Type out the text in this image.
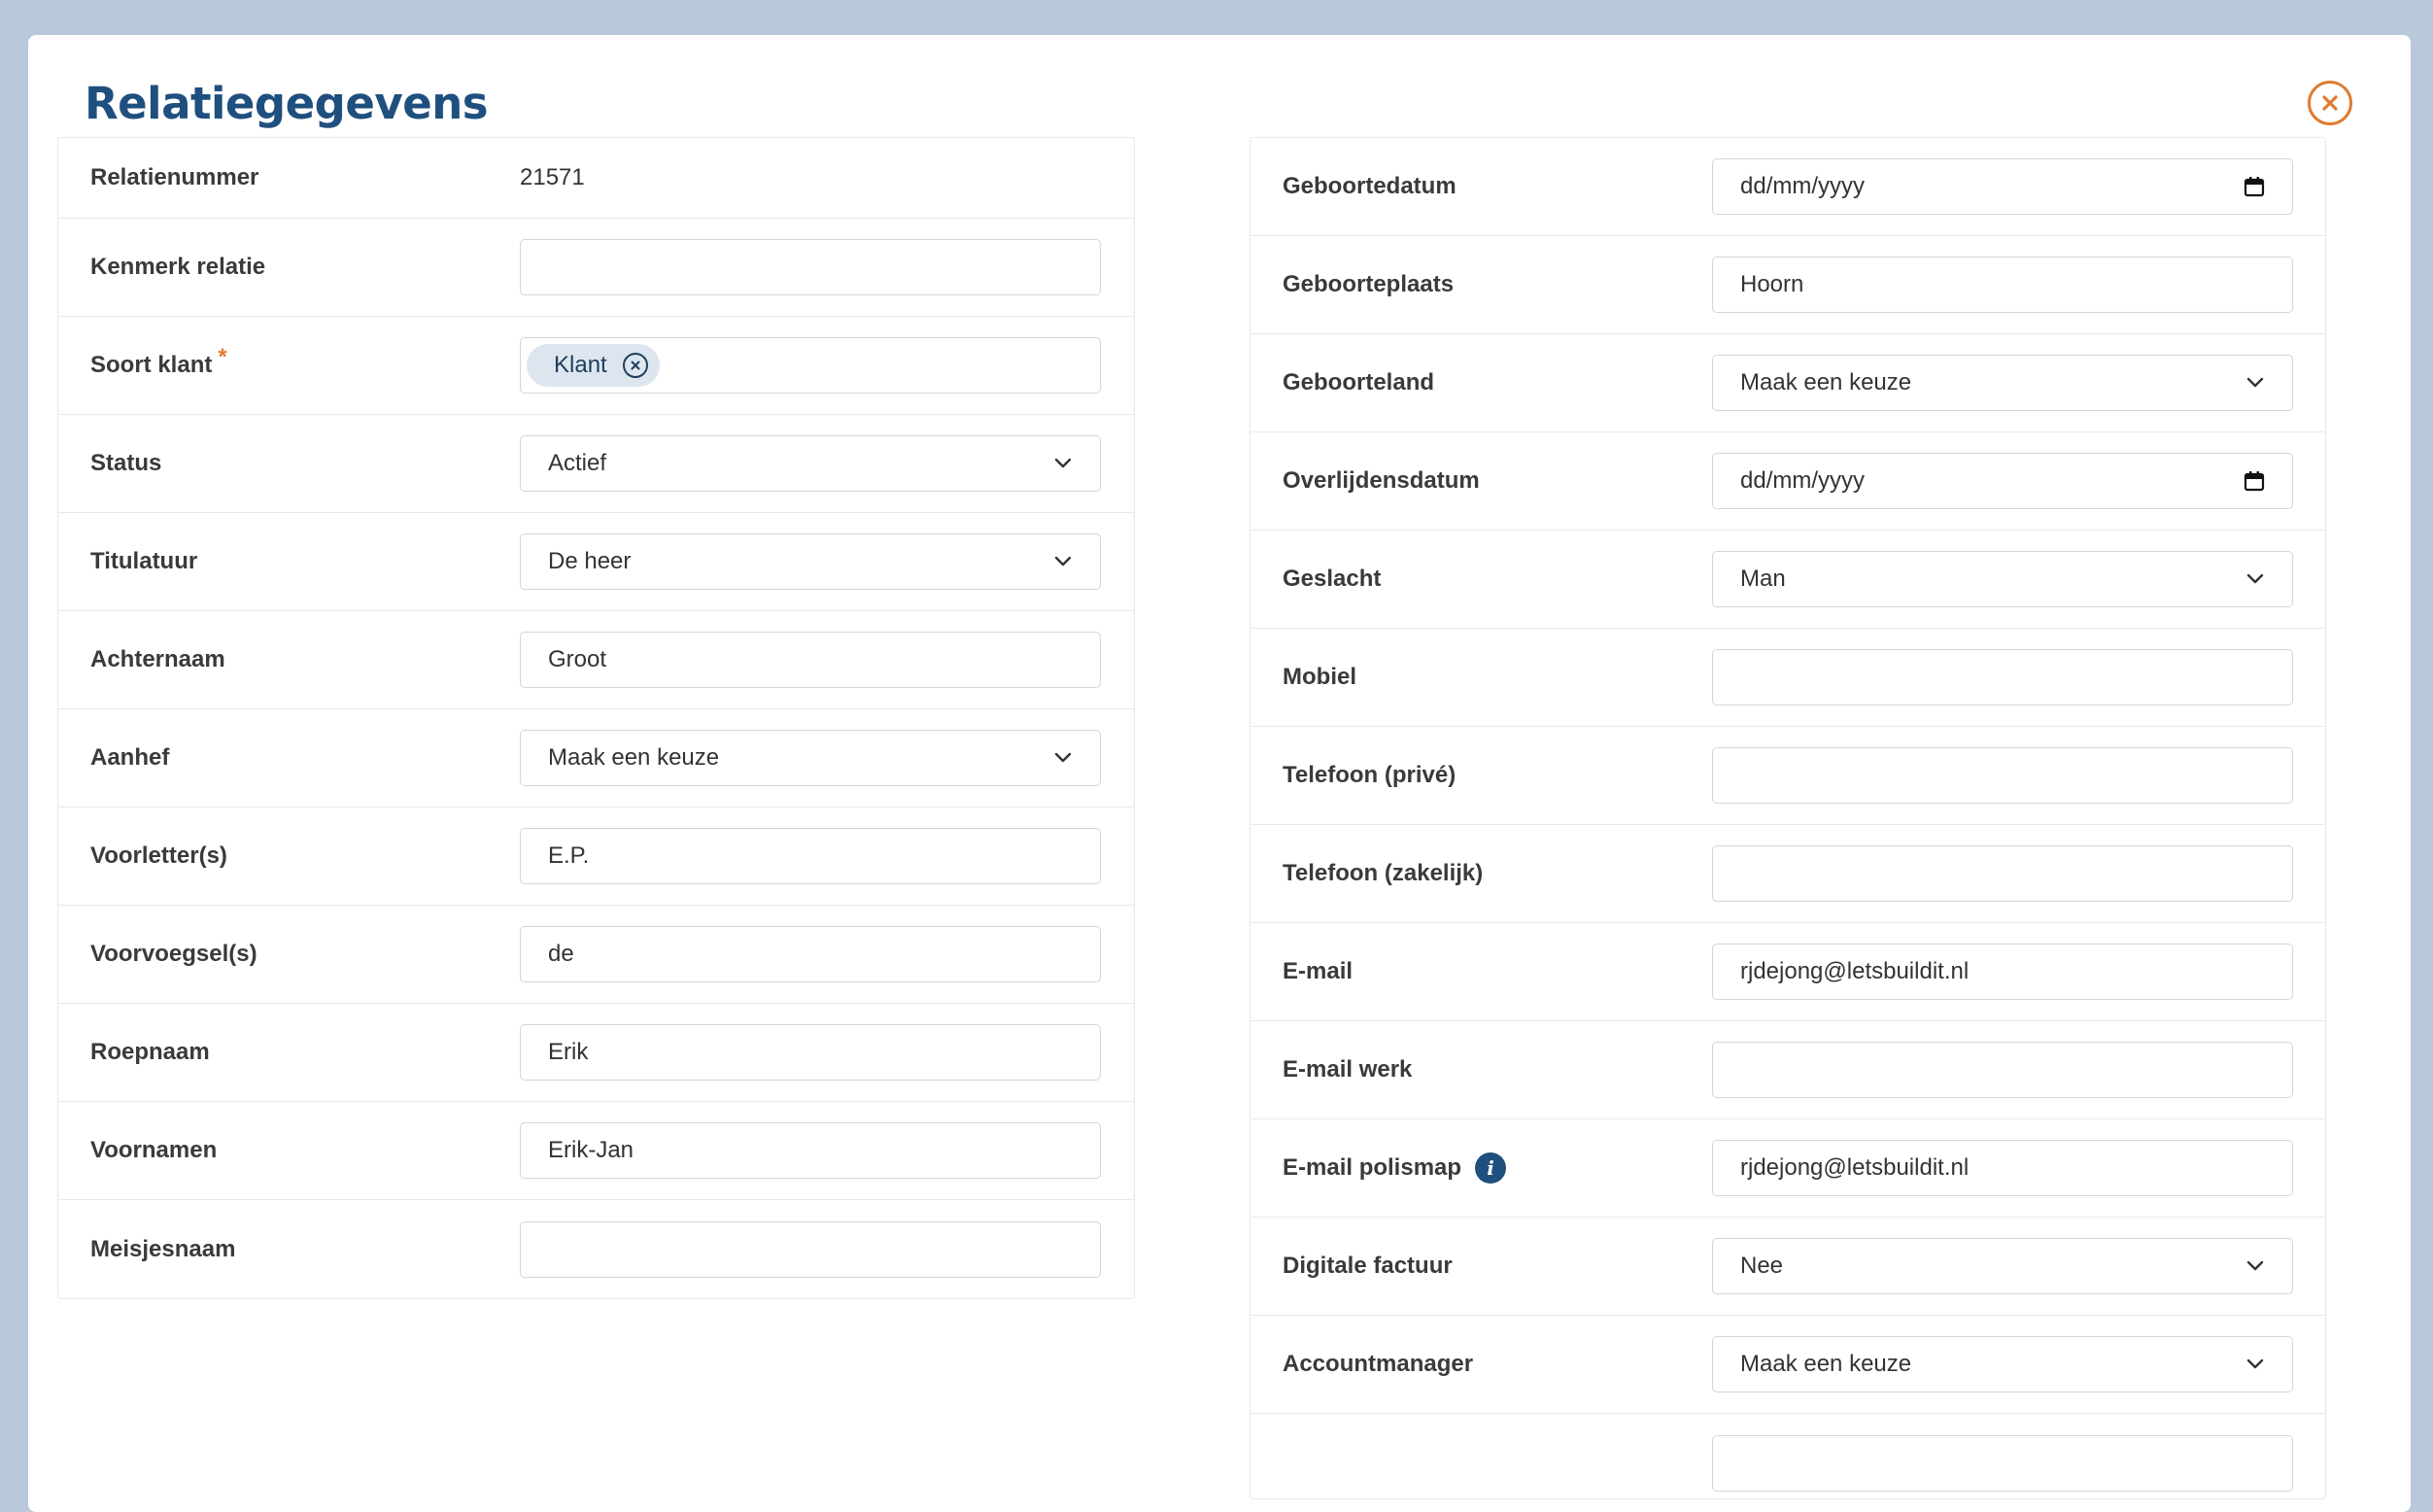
Relatiegegevens
Relatienummer	21571
Kenmerk relatie
Soort klant *	Klant
Status	Actief
Titulatuur	De heer
Achternaam	Groot
Aanhef	Maak een keuze
Voorletter(s)	E.P.
Voorvoegsel(s)	de
Roepnaam	Erik
Voornamen	Erik-Jan
Meisjesnaam
Geboortedatum	dd/mm/yyyy
Geboorteplaats	Hoorn
Geboorteland	Maak een keuze
Overlijdensdatum	dd/mm/yyyy
Geslacht	Man
Mobiel
Telefoon (privé)
Telefoon (zakelijk)
E-mail	rjdejong@letsbuildit.nl
E-mail werk
E-mail polismap	i	rjdejong@letsbuildit.nl
Digitale factuur	Nee
Accountmanager	Maak een keuze
